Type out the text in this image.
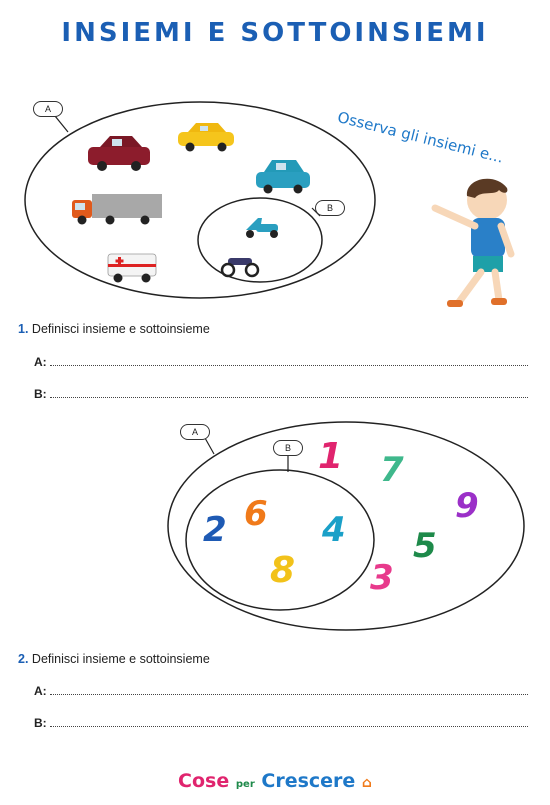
INSIEMI E SOTTOINSIEMI
A
B
Osserva gli insiemi e...
1. Definisci insieme e sottoinsieme
A:
B:
A
B 1 7
9
5
3
2 6 4
8
2. Definisci insieme e sottoinsieme
A:
B:
Cose per Crescere ⌂
